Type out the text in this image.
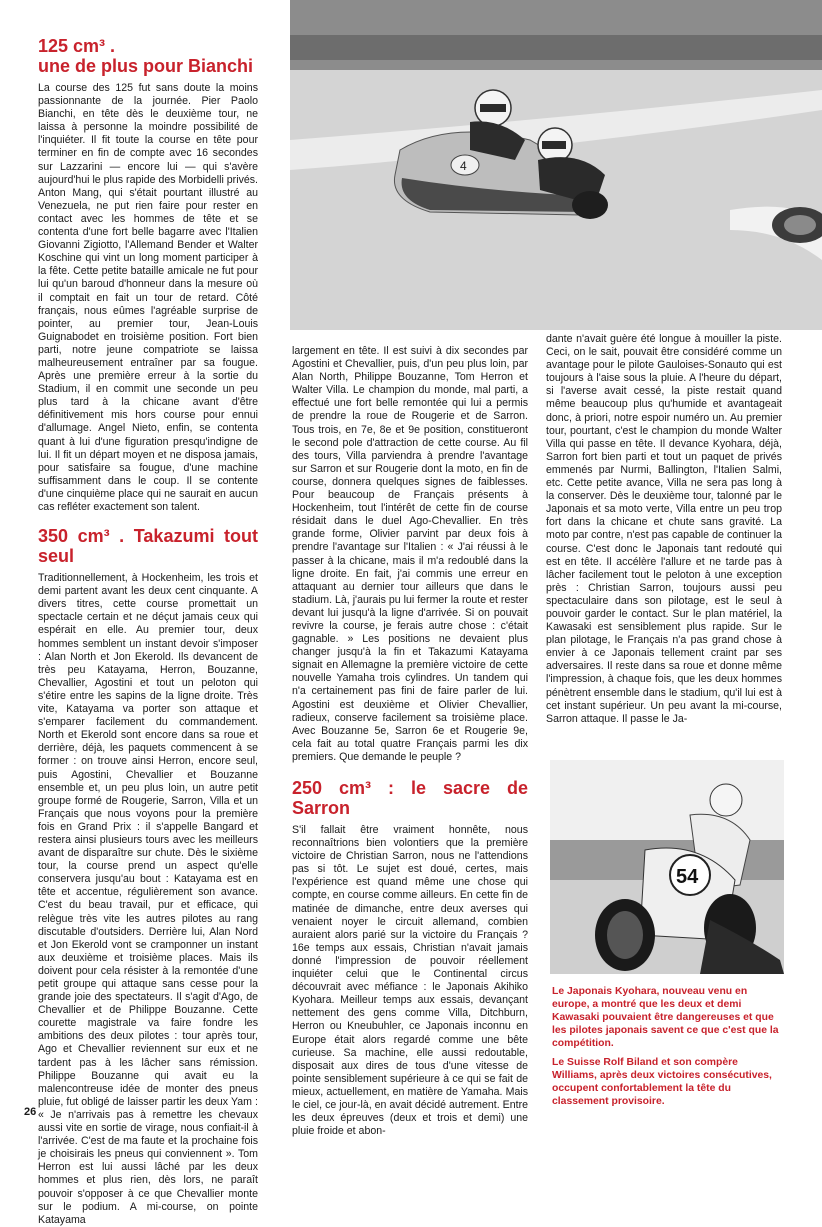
125 cm³ .
une de plus pour Bianchi

La course des 125 fut sans doute la moins passionnante de la journée. Pier Paolo Bianchi, en tête dès le deuxième tour, ne laissa à personne la moindre possibilité de l'inquiéter. Il fit toute la course en tête pour terminer en fin de compte avec 16 secondes sur Lazzarini — encore lui — qui s'avère aujourd'hui le plus rapide des Morbidelli privés. Anton Mang, qui s'était pourtant illustré au Venezuela, ne put rien faire pour rester en contact avec les hommes de tête et se contenta d'une fort belle bagarre avec l'Italien Giovanni Zigiotto, l'Allemand Bender et Walter Koschine qui vint un long moment participer à la fête. Cette petite bataille amicale ne fut pour lui qu'un baroud d'honneur dans la mesure où il comptait en fait un tour de retard. Côté français, nous eûmes l'agréable surprise de pointer, au premier tour, Jean-Louis Guignabodet en troisième position. Fort bien parti, notre jeune compatriote se laissa malheureusement entraîner par sa fougue. Après une première erreur à la sortie du Stadium, il en commit une seconde un peu plus tard à la chicane avant d'être définitivement mis hors course pour ennui d'allumage. Angel Nieto, enfin, se contenta quant à lui d'une figuration presqu'indigne de lui. Il fit un départ moyen et ne disposa jamais, pour satisfaire sa fougue, d'une machine suffisamment dans le coup. Il se contente d'une cinquième place qui ne saurait en aucun cas refléter exactement son talent.

350 cm³ . Takazumi tout seul

Traditionnellement, à Hockenheim, les trois et demi partent avant les deux cent cinquante. A divers titres, cette course promettait un spectacle certain et ne déçut jamais ceux qui espérait en elle. Au premier tour, deux hommes semblent un instant devoir s'imposer : Alan North et Jon Ekerold. Ils devancent de très peu Katayama, Herron, Bouzanne, Chevallier, Agostini et tout un peloton qui s'étire entre les sapins de la ligne droite. Très vite, Katayama va porter son attaque et s'emparer facilement du commandement. North et Ekerold sont encore dans sa roue et derrière, déjà, les paquets commencent à se former : on trouve ainsi Herron, encore seul, puis Agostini, Chevallier et Bouzanne ensemble et, un peu plus loin, un autre petit groupe formé de Rougerie, Sarron, Villa et un Français que nous voyons pour la première fois en Grand Prix : il s'appelle Bangard et restera ainsi plusieurs tours avec les meilleurs avant de disparaître sur chute. Dès le sixième tour, la course prend un aspect qu'elle conservera jusqu'au bout : Katayama est en tête et accentue, régulièrement son avance. C'est du beau travail, pur et efficace, qui relègue très vite les autres pilotes au rang discutable d'outsiders. Derrière lui, Alan Nord et Jon Ekerold vont se cramponner un instant aux deuxième et troisième places. Mais ils doivent pour cela résister à la remontée d'une petit groupe qui attaque sans cesse pour la grande joie des spectateurs. Il s'agit d'Ago, de Chevallier et de Philippe Bouzanne. Cette courette magistrale va faire fondre les ambitions des deux pilotes : tour après tour, Ago et Chevallier reviennent sur eux et ne tardent pas à les lâcher sans rémission. Philippe Bouzanne qui avait eu la malencontreuse idée de monter des pneus pluie, fut obligé de laisser partir les deux Yam : « Je n'arrivais pas à remettre les chevaux aussi vite en sortie de virage, nous confiait-il à l'arrivée. C'est de ma faute et la prochaine fois je choisirais les pneus qui conviennent ». Tom Herron est lui aussi lâché par les deux hommes et plus rien, dès lors, ne paraît pouvoir s'opposer à ce que Chevallier monte sur le podium. A mi-course, on pointe Katayama

4

largement en tête. Il est suivi à dix secondes par Agostini et Chevallier, puis, d'un peu plus loin, par Alan North, Philippe Bouzanne, Tom Herron et Walter Villa. Le champion du monde, mal parti, a effectué une fort belle remontée qui lui a permis de prendre la roue de Rougerie et de Sarron. Tous trois, en 7e, 8e et 9e position, constitueront le second pole d'attraction de cette course. Au fil des tours, Villa parviendra à prendre l'avantage sur Sarron et sur Rougerie dont la moto, en fin de course, donnera quelques signes de faiblesses. Pour beaucoup de Français présents à Hockenheim, tout l'intérêt de cette fin de course résidait dans le duel Ago-Chevallier. En très grande forme, Olivier parvint par deux fois à prendre l'avantage sur l'Italien : « J'ai réussi à le passer à la chicane, mais il m'a redoublé dans la ligne droite. En fait, j'ai commis une erreur en attaquant au dernier tour ailleurs que dans le stadium. Là, j'aurais pu lui fermer la route et rester devant lui jusqu'à la ligne d'arrivée. Si on pouvait revivre la course, je ferais autre chose : c'était gagnable. » Les positions ne devaient plus changer jusqu'à la fin et Takazumi Katayama signait en Allemagne la première victoire de cette nouvelle Yamaha trois cylindres. Un tandem qui n'a certainement pas fini de faire parler de lui. Agostini est deuxième et Olivier Chevallier, radieux, conserve facilement sa troisième place. Avec Bouzanne 5e, Sarron 6e et Rougerie 9e, cela fait au total quatre Français parmi les dix premiers. Que demande le peuple ?

250 cm³ : le sacre de Sarron

S'il fallait être vraiment honnête, nous reconnaîtrions bien volontiers que la première victoire de Christian Sarron, nous ne l'attendions pas si tôt. Le sujet est doué, certes, mais l'expérience est quand même une chose qui compte, en course comme ailleurs. En cette fin de matinée de dimanche, entre deux averses qui venaient noyer le circuit allemand, combien auraient alors parié sur la victoire du Français ? 16e temps aux essais, Christian n'avait jamais donné l'impression de pouvoir réellement inquiéter celui que le Continental circus découvrait avec méfiance : le Japonais Akihiko Kyohara. Meilleur temps aux essais, devançant nettement des gens comme Villa, Ditchburn, Herron ou Kneubuhler, ce Japonais inconnu en Europe était alors regardé comme une bête curieuse. Sa machine, elle aussi redoutable, disposait aux dires de tous d'une vitesse de pointe sensiblement supérieure à ce qui se fait de mieux, actuellement, en matière de Yamaha. Mais le ciel, ce jour-là, en avait décidé autrement. Entre les deux épreuves (deux et trois et demi) une pluie froide et abon-

dante n'avait guère été longue à mouiller la piste. Ceci, on le sait, pouvait être considéré comme un avantage pour le pilote Gauloises-Sonauto qui est toujours à l'aise sous la pluie. A l'heure du départ, si l'averse avait cessé, la piste restait quand même beaucoup plus qu'humide et avantageait donc, à priori, notre espoir numéro un. Au premier tour, pourtant, c'est le champion du monde Walter Villa qui passe en tête. Il devance Kyohara, déjà, Sarron fort bien parti et tout un paquet de privés emmenés par Nurmi, Ballington, l'Italien Salmi, etc. Cette petite avance, Villa ne sera pas long à la conserver. Dès le deuxième tour, talonné par le Japonais et sa moto verte, Villa entre un peu trop fort dans la chicane et chute sans gravité. La moto par contre, n'est pas capable de continuer la course. C'est donc le Japonais tant redouté qui est en tête. Il accélère l'allure et ne tarde pas à lâcher facilement tout le peloton à une exception près : Christian Sarron, toujours aussi peu spectaculaire dans son pilotage, est le seul à pouvoir garder le contact. Sur le plan matériel, la Kawasaki est sensiblement plus rapide. Sur le plan pilotage, le Français n'a pas grand chose à envier à ce Japonais tellement craint par ses adversaires. Il reste dans sa roue et donne même l'impression, à chaque fois, que les deux hommes pénètrent ensemble dans le stadium, qu'il lui est à cet instant supérieur. Un peu avant la mi-course, Sarron attaque. Il passe le Ja-

54

Le Japonais Kyohara, nouveau venu en europe, a montré que les deux et demi Kawasaki pouvaient être dangereuses et que les pilotes japonais savent ce que c'est que la compétition.

Le Suisse Rolf Biland et son compère Williams, après deux victoires consécutives, occupent confortablement la tête du classement provisoire.

26
